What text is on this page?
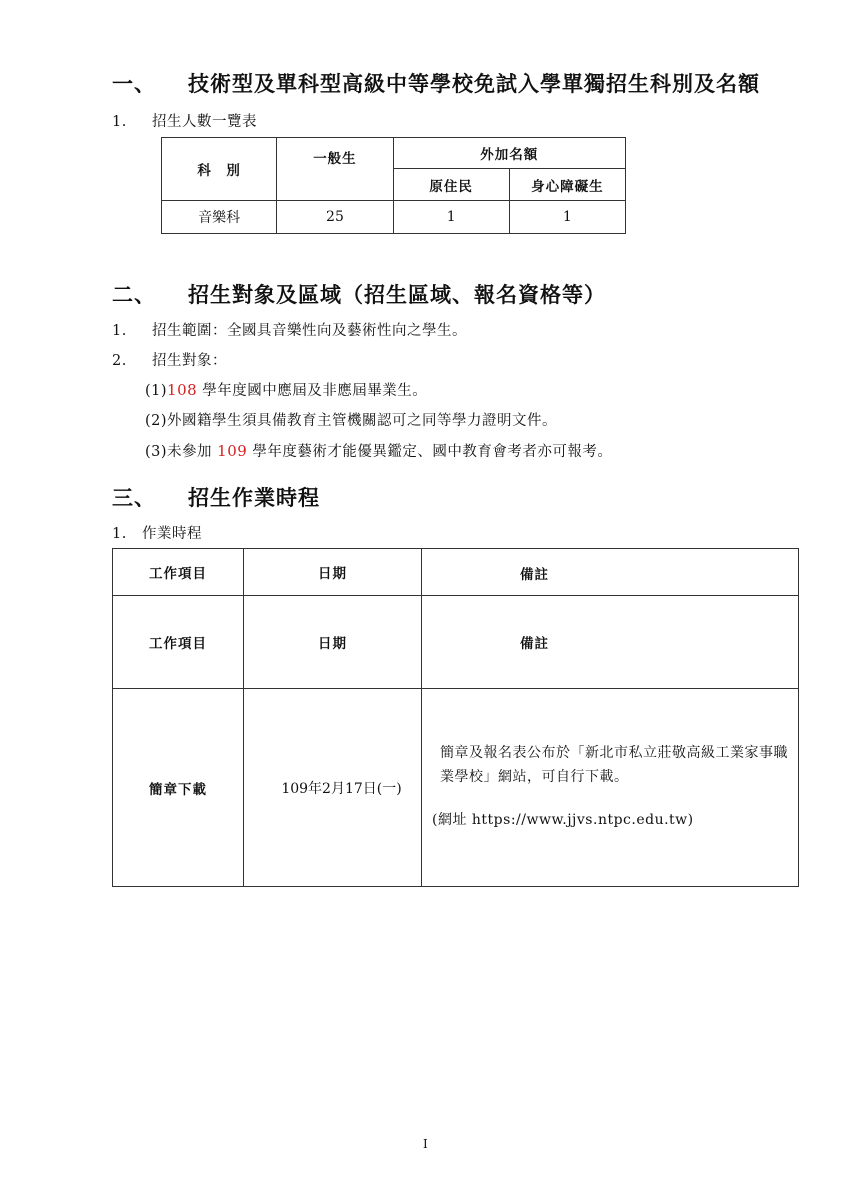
一、 技術型及單科型高級中等學校免試入學單獨招生科別及名額
1. 招生人數一覽表
科　別	一般生	外加名額	
		原住民	身心障礙生
音樂科	25	1	1
二、 招生對象及區域（招生區域、報名資格等）
1. 招生範圍：全國具音樂性向及藝術性向之學生。
2. 招生對象：
(1)108 學年度國中應屆及非應屆畢業生。
(2)外國籍學生須具備教育主管機關認可之同等學力證明文件。
(3)未參加 109 學年度藝術才能優異鑑定、國中教育會考者亦可報考。
三、 招生作業時程
1. 作業時程
工作項目	日期	備註
工作項目	日期	備註
簡章下載	109年2月17日(一)	簡章及報名表公布於「新北市私立莊敬高級工業家事職業學校」網站，可自行下載。

(網址 https://www.jjvs.ntpc.edu.tw)

I
